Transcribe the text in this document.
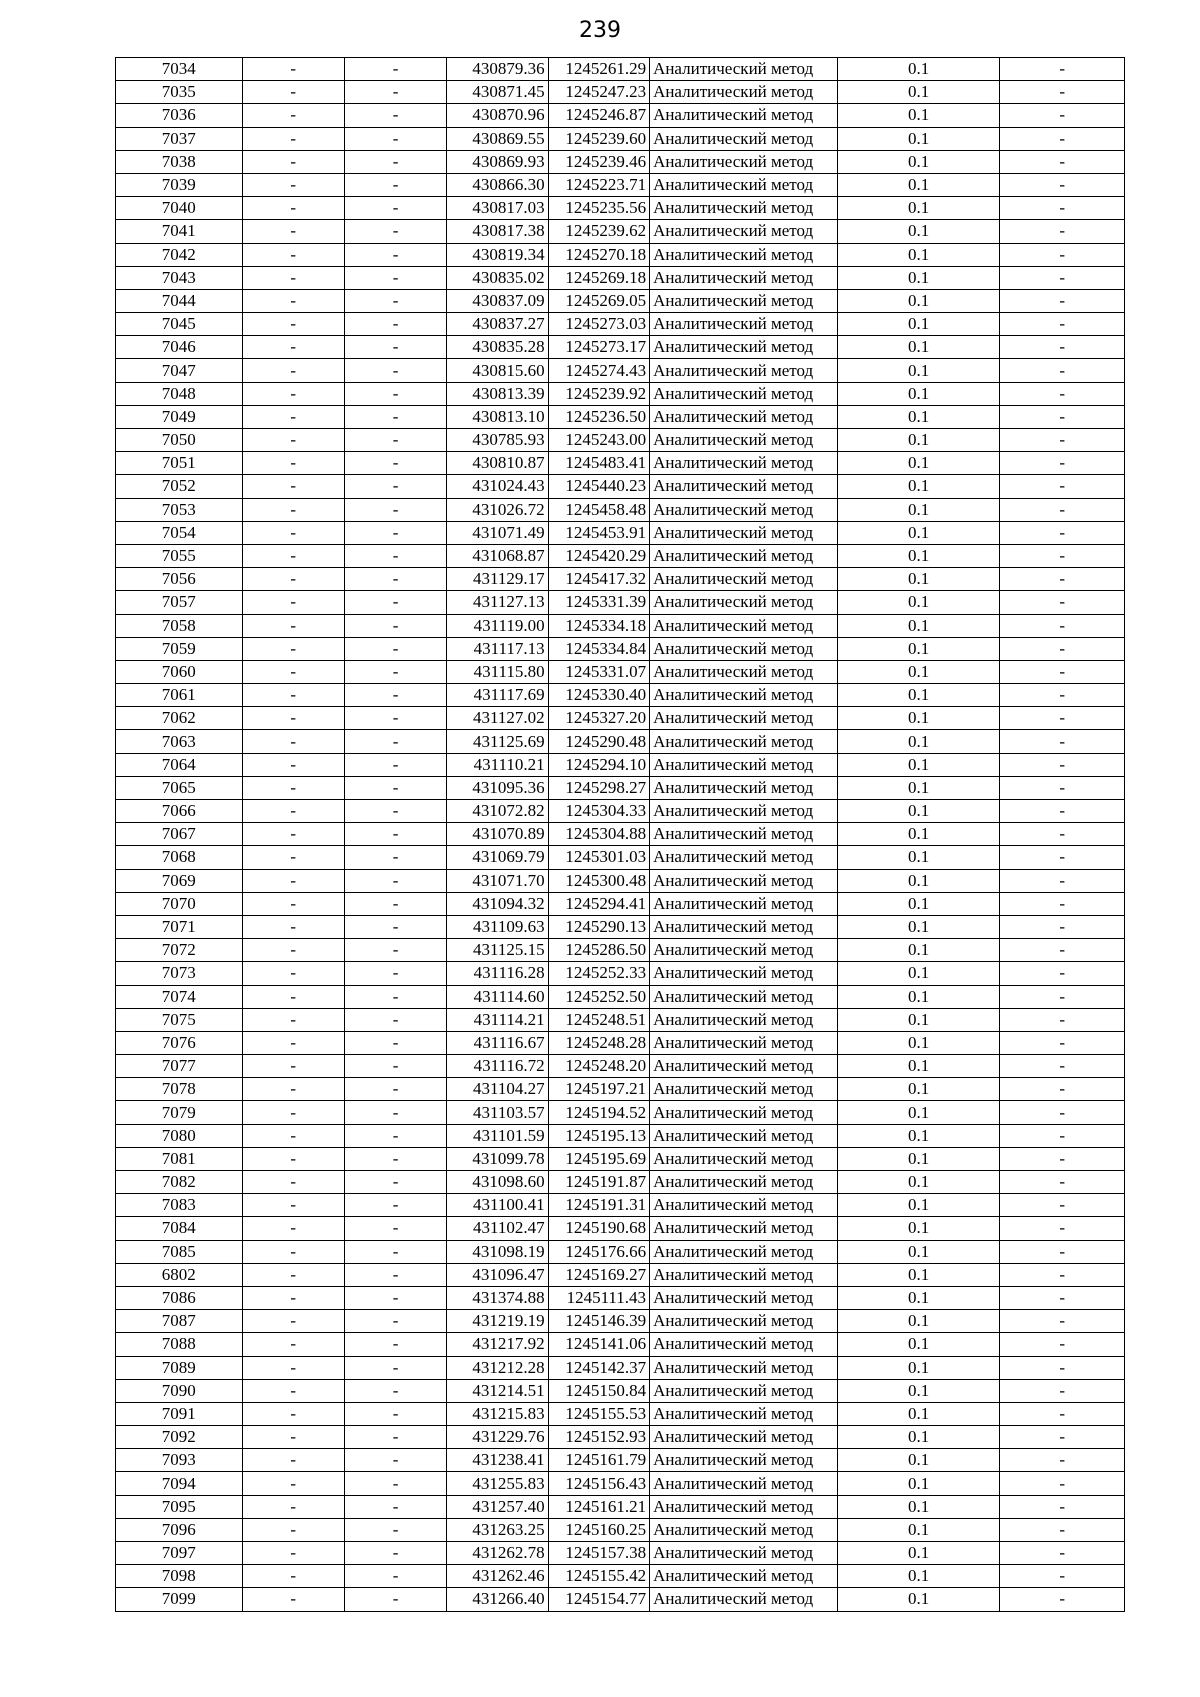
239
7034	-	-	430879.36	1245261.29	Аналитический метод	0.1	-
7035	-	-	430871.45	1245247.23	Аналитический метод	0.1	-
7036	-	-	430870.96	1245246.87	Аналитический метод	0.1	-
7037	-	-	430869.55	1245239.60	Аналитический метод	0.1	-
7038	-	-	430869.93	1245239.46	Аналитический метод	0.1	-
7039	-	-	430866.30	1245223.71	Аналитический метод	0.1	-
7040	-	-	430817.03	1245235.56	Аналитический метод	0.1	-
7041	-	-	430817.38	1245239.62	Аналитический метод	0.1	-
7042	-	-	430819.34	1245270.18	Аналитический метод	0.1	-
7043	-	-	430835.02	1245269.18	Аналитический метод	0.1	-
7044	-	-	430837.09	1245269.05	Аналитический метод	0.1	-
7045	-	-	430837.27	1245273.03	Аналитический метод	0.1	-
7046	-	-	430835.28	1245273.17	Аналитический метод	0.1	-
7047	-	-	430815.60	1245274.43	Аналитический метод	0.1	-
7048	-	-	430813.39	1245239.92	Аналитический метод	0.1	-
7049	-	-	430813.10	1245236.50	Аналитический метод	0.1	-
7050	-	-	430785.93	1245243.00	Аналитический метод	0.1	-
7051	-	-	430810.87	1245483.41	Аналитический метод	0.1	-
7052	-	-	431024.43	1245440.23	Аналитический метод	0.1	-
7053	-	-	431026.72	1245458.48	Аналитический метод	0.1	-
7054	-	-	431071.49	1245453.91	Аналитический метод	0.1	-
7055	-	-	431068.87	1245420.29	Аналитический метод	0.1	-
7056	-	-	431129.17	1245417.32	Аналитический метод	0.1	-
7057	-	-	431127.13	1245331.39	Аналитический метод	0.1	-
7058	-	-	431119.00	1245334.18	Аналитический метод	0.1	-
7059	-	-	431117.13	1245334.84	Аналитический метод	0.1	-
7060	-	-	431115.80	1245331.07	Аналитический метод	0.1	-
7061	-	-	431117.69	1245330.40	Аналитический метод	0.1	-
7062	-	-	431127.02	1245327.20	Аналитический метод	0.1	-
7063	-	-	431125.69	1245290.48	Аналитический метод	0.1	-
7064	-	-	431110.21	1245294.10	Аналитический метод	0.1	-
7065	-	-	431095.36	1245298.27	Аналитический метод	0.1	-
7066	-	-	431072.82	1245304.33	Аналитический метод	0.1	-
7067	-	-	431070.89	1245304.88	Аналитический метод	0.1	-
7068	-	-	431069.79	1245301.03	Аналитический метод	0.1	-
7069	-	-	431071.70	1245300.48	Аналитический метод	0.1	-
7070	-	-	431094.32	1245294.41	Аналитический метод	0.1	-
7071	-	-	431109.63	1245290.13	Аналитический метод	0.1	-
7072	-	-	431125.15	1245286.50	Аналитический метод	0.1	-
7073	-	-	431116.28	1245252.33	Аналитический метод	0.1	-
7074	-	-	431114.60	1245252.50	Аналитический метод	0.1	-
7075	-	-	431114.21	1245248.51	Аналитический метод	0.1	-
7076	-	-	431116.67	1245248.28	Аналитический метод	0.1	-
7077	-	-	431116.72	1245248.20	Аналитический метод	0.1	-
7078	-	-	431104.27	1245197.21	Аналитический метод	0.1	-
7079	-	-	431103.57	1245194.52	Аналитический метод	0.1	-
7080	-	-	431101.59	1245195.13	Аналитический метод	0.1	-
7081	-	-	431099.78	1245195.69	Аналитический метод	0.1	-
7082	-	-	431098.60	1245191.87	Аналитический метод	0.1	-
7083	-	-	431100.41	1245191.31	Аналитический метод	0.1	-
7084	-	-	431102.47	1245190.68	Аналитический метод	0.1	-
7085	-	-	431098.19	1245176.66	Аналитический метод	0.1	-
6802	-	-	431096.47	1245169.27	Аналитический метод	0.1	-
7086	-	-	431374.88	1245111.43	Аналитический метод	0.1	-
7087	-	-	431219.19	1245146.39	Аналитический метод	0.1	-
7088	-	-	431217.92	1245141.06	Аналитический метод	0.1	-
7089	-	-	431212.28	1245142.37	Аналитический метод	0.1	-
7090	-	-	431214.51	1245150.84	Аналитический метод	0.1	-
7091	-	-	431215.83	1245155.53	Аналитический метод	0.1	-
7092	-	-	431229.76	1245152.93	Аналитический метод	0.1	-
7093	-	-	431238.41	1245161.79	Аналитический метод	0.1	-
7094	-	-	431255.83	1245156.43	Аналитический метод	0.1	-
7095	-	-	431257.40	1245161.21	Аналитический метод	0.1	-
7096	-	-	431263.25	1245160.25	Аналитический метод	0.1	-
7097	-	-	431262.78	1245157.38	Аналитический метод	0.1	-
7098	-	-	431262.46	1245155.42	Аналитический метод	0.1	-
7099	-	-	431266.40	1245154.77	Аналитический метод	0.1	-
